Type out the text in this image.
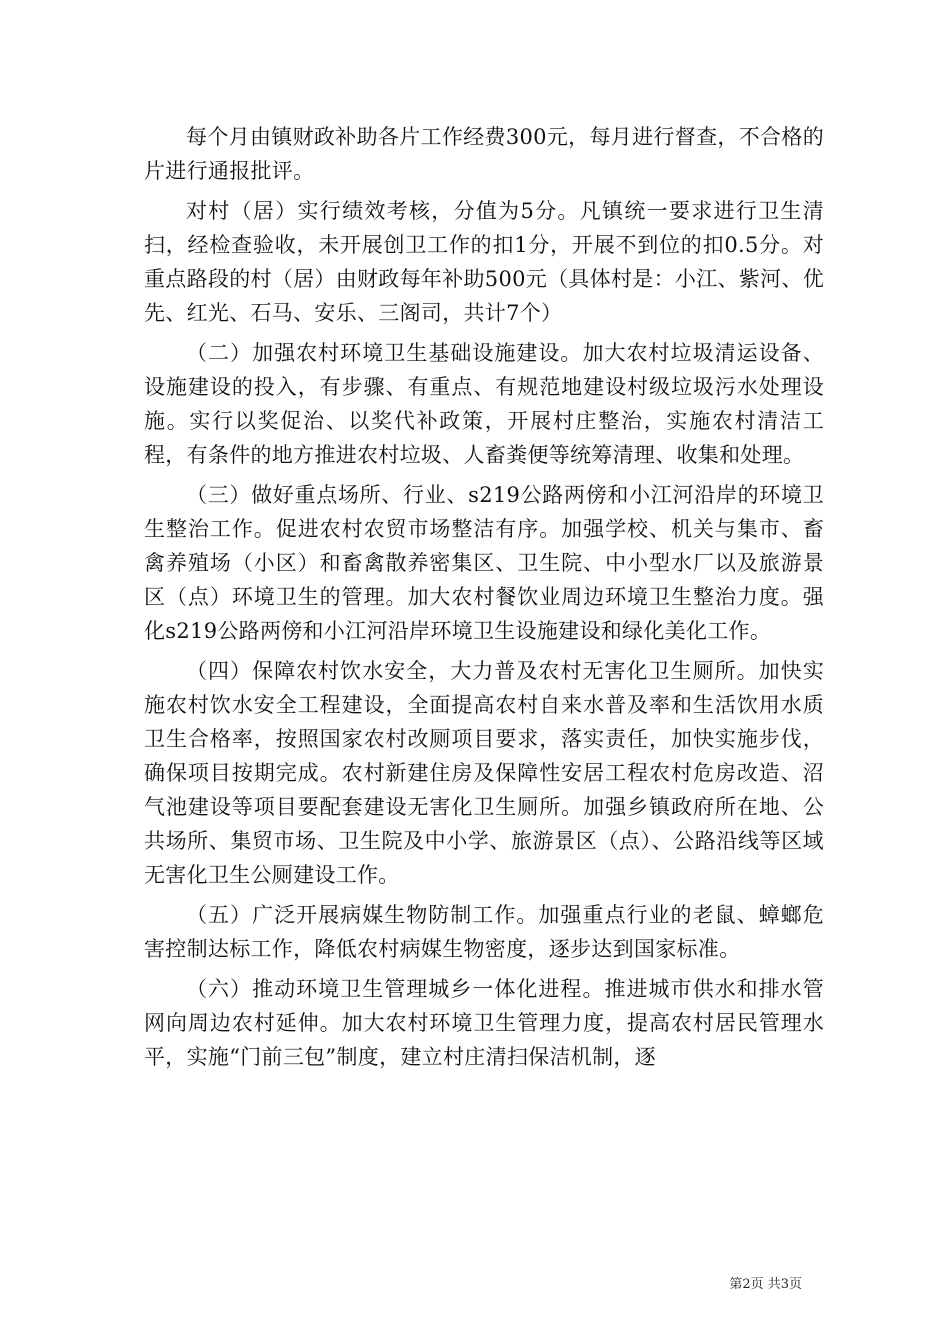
每个月由镇财政补助各片工作经费300元，每月进行督查，不合格的片进行通报批评。

对村（居）实行绩效考核，分值为5分。凡镇统一要求进行卫生清扫，经检查验收，未开展创卫工作的扣1分，开展不到位的扣0.5分。对重点路段的村（居）由财政每年补助500元（具体村是：小江、紫河、优先、红光、石马、安乐、三阁司，共计7个）

（二）加强农村环境卫生基础设施建设。加大农村垃圾清运设备、设施建设的投入，有步骤、有重点、有规范地建设村级垃圾污水处理设施。实行以奖促治、以奖代补政策，开展村庄整治，实施农村清洁工程，有条件的地方推进农村垃圾、人畜粪便等统筹清理、收集和处理。

（三）做好重点场所、行业、s219公路两傍和小江河沿岸的环境卫生整治工作。促进农村农贸市场整洁有序。加强学校、机关与集市、畜禽养殖场（小区）和畜禽散养密集区、卫生院、中小型水厂以及旅游景区（点）环境卫生的管理。加大农村餐饮业周边环境卫生整治力度。强化s219公路两傍和小江河沿岸环境卫生设施建设和绿化美化工作。

（四）保障农村饮水安全，大力普及农村无害化卫生厕所。加快实施农村饮水安全工程建设，全面提高农村自来水普及率和生活饮用水质卫生合格率，按照国家农村改厕项目要求，落实责任，加快实施步伐，确保项目按期完成。农村新建住房及保障性安居工程农村危房改造、沼气池建设等项目要配套建设无害化卫生厕所。加强乡镇政府所在地、公共场所、集贸市场、卫生院及中小学、旅游景区（点）、公路沿线等区域无害化卫生公厕建设工作。

（五）广泛开展病媒生物防制工作。加强重点行业的老鼠、蟑螂危害控制达标工作，降低农村病媒生物密度，逐步达到国家标准。

（六）推动环境卫生管理城乡一体化进程。推进城市供水和排水管网向周边农村延伸。加大农村环境卫生管理力度，提高农村居民管理水平，实施“门前三包”制度，建立村庄清扫保洁机制，逐

第2页 共3页
